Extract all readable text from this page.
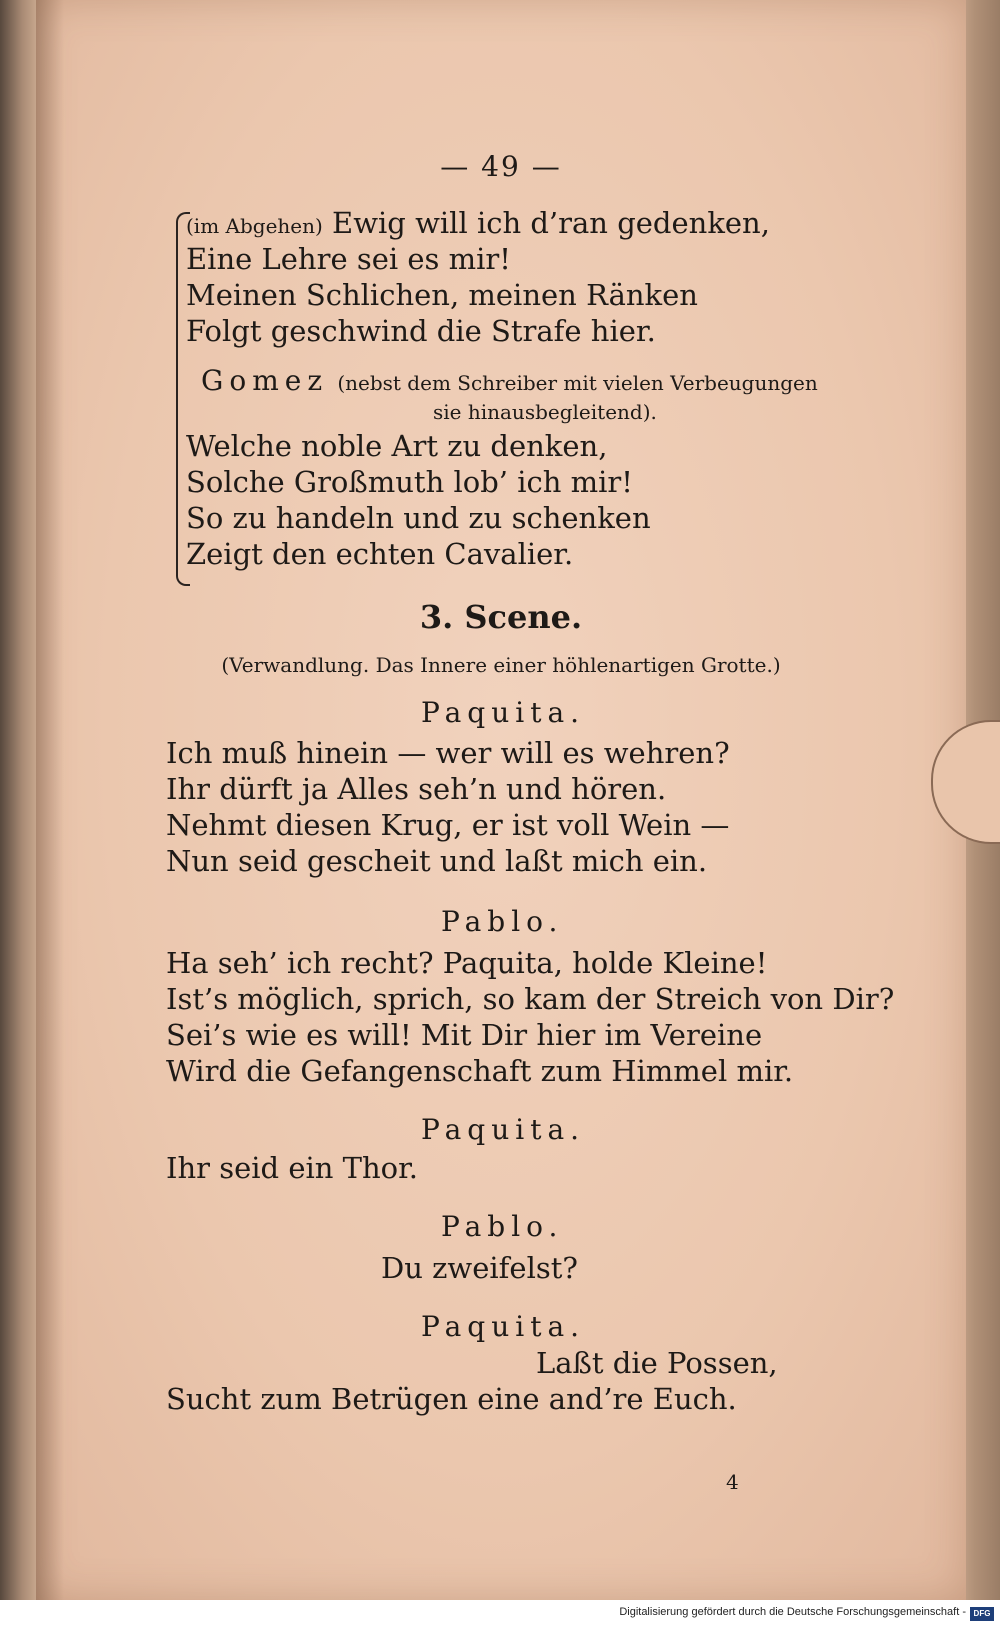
— 49 —
(im Abgehen) Ewig will ich d’ran gedenken,
Eine Lehre sei es mir!
Meinen Schlichen, meinen Ränken
Folgt geschwind die Strafe hier.
Gomez (nebst dem Schreiber mit vielen Verbeugungen
sie hinausbegleitend).
Welche noble Art zu denken,
Solche Großmuth lob’ ich mir!
So zu handeln und zu schenken
Zeigt den echten Cavalier.
3. Scene.
(Verwandlung. Das Innere einer höhlenartigen Grotte.)
Paquita.
Ich muß hinein — wer will es wehren?
Ihr dürft ja Alles seh’n und hören.
Nehmt diesen Krug, er ist voll Wein —
Nun seid gescheit und laßt mich ein.
Pablo.
Ha seh’ ich recht? Paquita, holde Kleine!
Ist’s möglich, sprich, so kam der Streich von Dir?
Sei’s wie es will! Mit Dir hier im Vereine
Wird die Gefangenschaft zum Himmel mir.
Paquita.
Ihr seid ein Thor.
Pablo.
Du zweifelst?
Paquita.
Laßt die Possen,
Sucht zum Betrügen eine and’re Euch.
4
Digitalisierung gefördert durch die Deutsche Forschungsgemeinschaft - DFG
